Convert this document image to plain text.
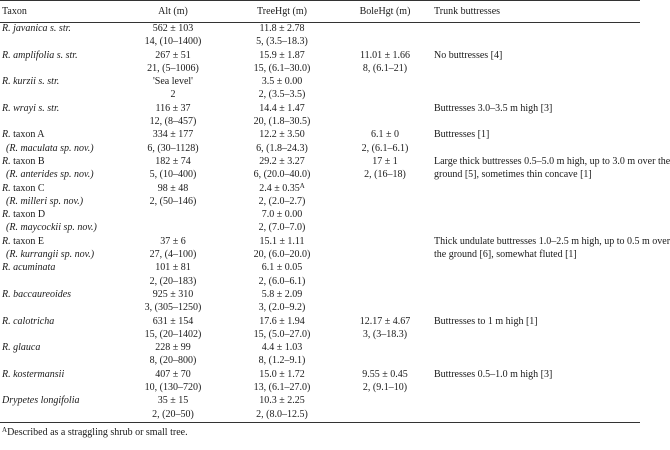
Taxon	Alt (m)	TreeHgt (m)	BoleHgt (m)	Trunk buttresses
R. javanica s. str.	562 ± 103	11.8 ± 2.78		
	14, (10–1400)	5, (3.5–18.3)		
R. amplifolia s. str.	267 ± 51	15.9 ± 1.87	11.01 ± 1.66	No buttresses [4]
	21, (5–1006)	15, (6.1–30.0)	8, (6.1–21)	
R. kurzii s. str.	'Sea level'	3.5 ± 0.00		
	2	2, (3.5–3.5)		
R. wrayi s. str.	116 ± 37	14.4 ± 1.47		Buttresses 3.0–3.5 m high [3]
	12, (8–457)	20, (1.8–30.5)		
R. taxon A	334 ± 177	12.2 ± 3.50	6.1 ± 0	Buttresses [1]
(R. maculata sp. nov.)	6, (30–1128)	6, (1.8–24.3)	2, (6.1–6.1)	
R. taxon B	182 ± 74	29.2 ± 3.27	17 ± 1	Large thick buttresses 0.5–5.0 m high, up to 3.0 m over the
(R. anterides sp. nov.)	5, (10–400)	6, (20.0–40.0)	2, (16–18)	ground [5], sometimes thin concave [1]
R. taxon C	98 ± 48	$2.4 \pm 0.35^A$		
(R. milleri sp. nov.)	2, (50–146)	2, (2.0–2.7)		
R. taxon D		7.0 ± 0.00		
(R. maycockii sp. nov.)		2, (7.0–7.0)		
R. taxon E	37 ± 6	15.1 ± 1.11		Thick undulate buttresses 1.0–2.5 m high, up to 0.5 m over
(R. kurrangii sp. nov.)	27, (4–100)	20, (6.0–20.0)		the ground [6], somewhat fluted [1]
R. acuminata	101 ± 81	6.1 ± 0.05		
	2, (20–183)	2, (6.0–6.1)		
R. baccaureoides	925 ± 310	5.8 ± 2.09		
	3, (305–1250)	3, (2.0–9.2)		
R. calotricha	631 ± 154	17.6 ± 1.94	12.17 ± 4.67	Buttresses to 1 m high [1]
	15, (20–1402)	15, (5.0–27.0)	3, (3–18.3)	
R. glauca	228 ± 99	4.4 ± 1.03		
	8, (20–800)	8, (1.2–9.1)		
R. kostermansii	407 ± 70	15.0 ± 1.72	9.55 ± 0.45	Buttresses 0.5–1.0 m high [3]
	10, (130–720)	13, (6.1–27.0)	2, (9.1–10)	
Drypetes longifolia	35 ± 15	10.3 ± 2.25		
	2, (20–50)	2, (8.0–12.5)		
$^A$Described as a straggling shrub or small tree.
